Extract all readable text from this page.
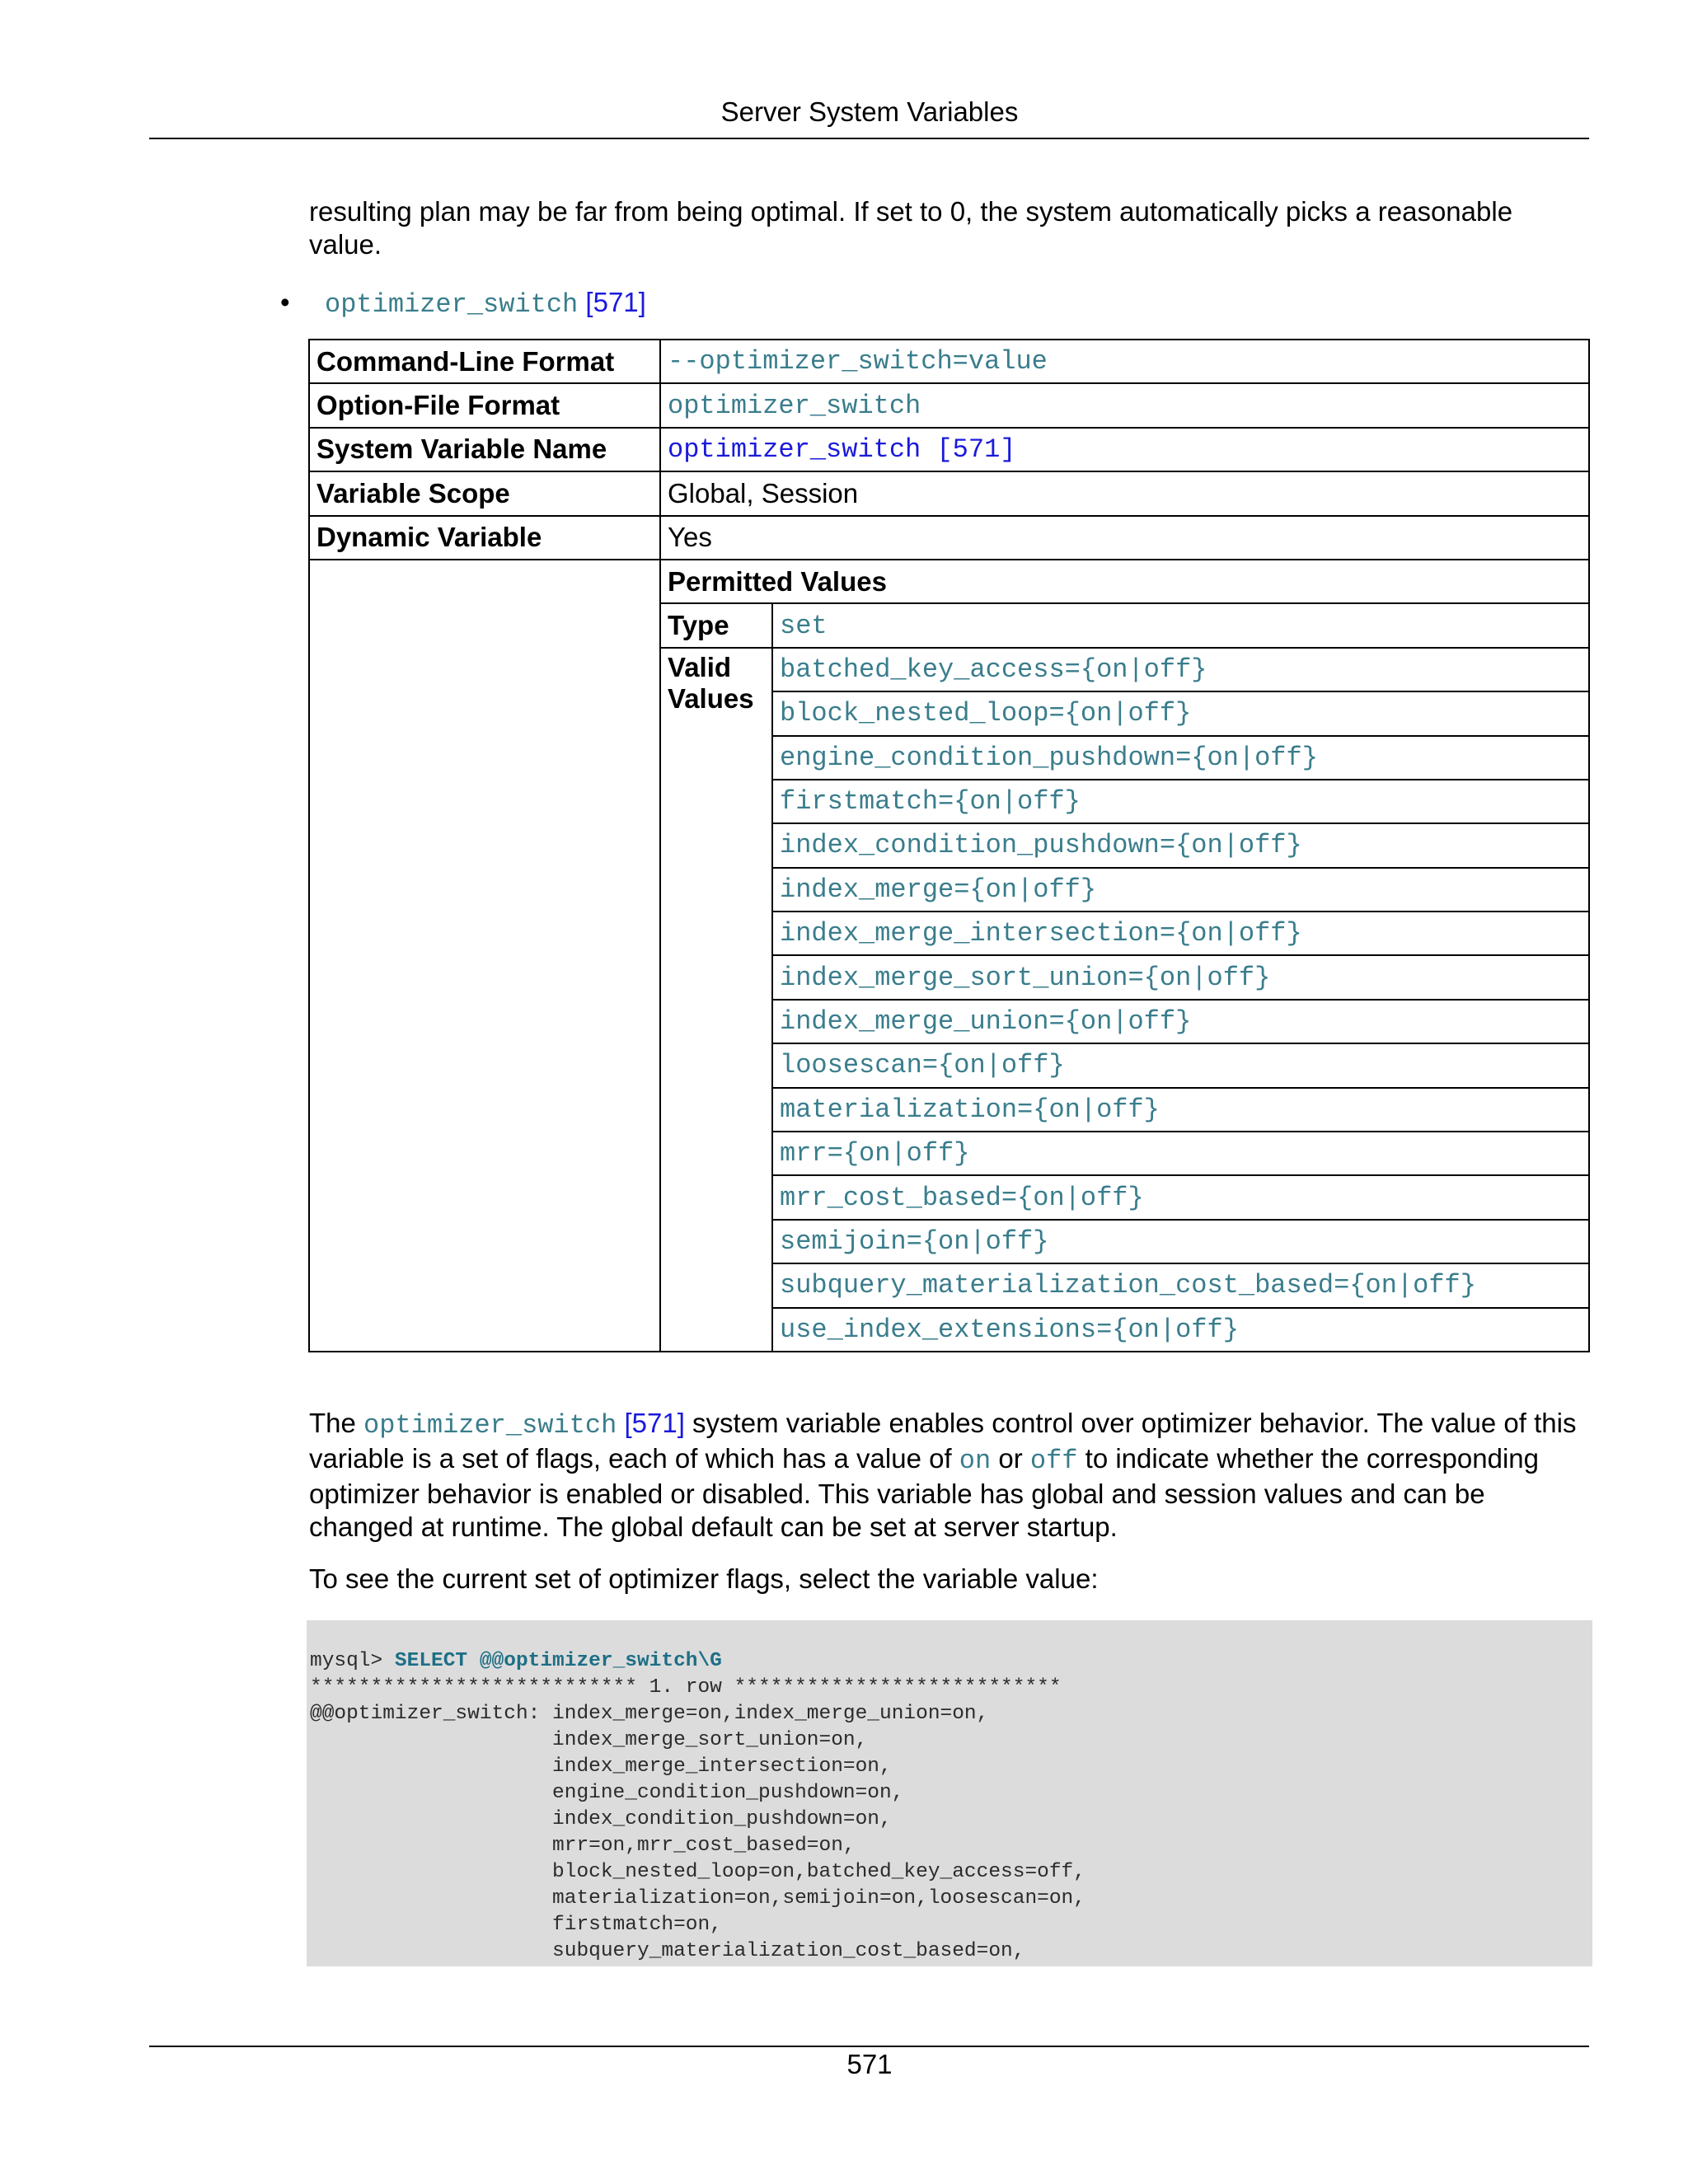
Server System Variables
resulting plan may be far from being optimal. If set to 0, the system automatically picks a reasonable value.
• optimizer_switch [571]
Command-Line Format	--optimizer_switch=value	
Option-File Format	optimizer_switch	
System Variable Name	optimizer_switch [571]	
Variable Scope	Global, Session	
Dynamic Variable	Yes	
	Permitted Values	
	Type	set
	Valid Values	batched_key_access={on|off}
		block_nested_loop={on|off}
		engine_condition_pushdown={on|off}
		firstmatch={on|off}
		index_condition_pushdown={on|off}
		index_merge={on|off}
		index_merge_intersection={on|off}
		index_merge_sort_union={on|off}
		index_merge_union={on|off}
		loosescan={on|off}
		materialization={on|off}
		mrr={on|off}
		mrr_cost_based={on|off}
		semijoin={on|off}
		subquery_materialization_cost_based={on|off}
		use_index_extensions={on|off}
The optimizer_switch [571] system variable enables control over optimizer behavior. The value of this variable is a set of flags, each of which has a value of on or off to indicate whether the corresponding optimizer behavior is enabled or disabled. This variable has global and session values and can be changed at runtime. The global default can be set at server startup.
To see the current set of optimizer flags, select the variable value:
mysql> SELECT @@optimizer_switch\G
*************************** 1. row ***************************
@@optimizer_switch: index_merge=on,index_merge_union=on,
index_merge_sort_union=on,
index_merge_intersection=on,
engine_condition_pushdown=on,
index_condition_pushdown=on,
mrr=on,mrr_cost_based=on,
block_nested_loop=on,batched_key_access=off,
materialization=on,semijoin=on,loosescan=on,
firstmatch=on,
subquery_materialization_cost_based=on,
571
